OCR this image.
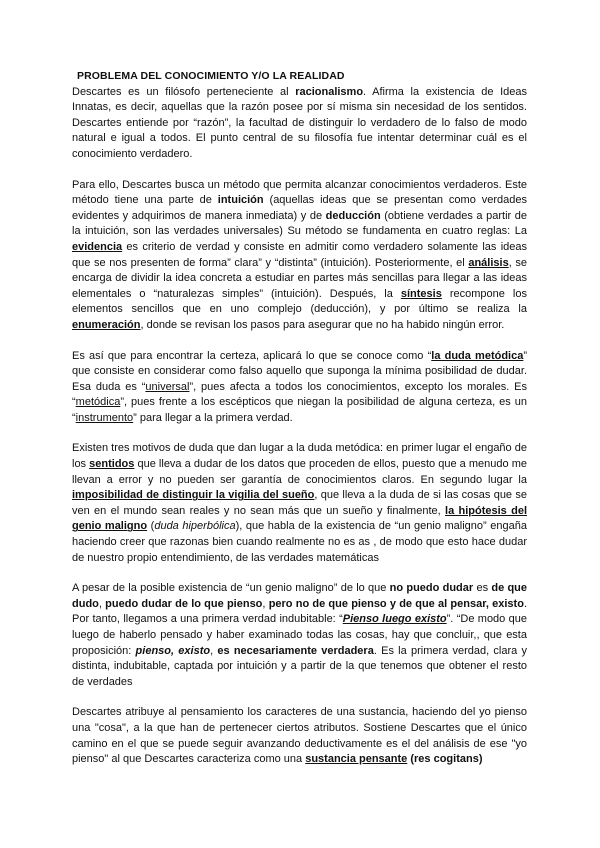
PROBLEMA DEL CONOCIMIENTO Y/O LA REALIDAD

Descartes es un filósofo perteneciente al racionalismo. Afirma la existencia de Ideas Innatas, es decir, aquellas que la razón posee por sí misma sin necesidad de los sentidos. Descartes entiende por “razón”, la facultad de distinguir lo verdadero de lo falso de modo natural e igual a todos. El punto central de su filosofía fue intentar determinar cuál es el conocimiento verdadero.

Para ello, Descartes busca un método que permita alcanzar conocimientos verdaderos. Este método tiene una parte de intuición (aquellas ideas que se presentan como verdades evidentes y adquirimos de manera inmediata) y de deducción (obtiene verdades a partir de la intuición, son las verdades universales) Su método se fundamenta en cuatro reglas: La evidencia es criterio de verdad y consiste en admitir como verdadero solamente las ideas que se nos presenten de forma” clara” y “distinta” (intuición). Posteriormente, el análisis, se encarga de dividir la idea concreta a estudiar en partes más sencillas para llegar a las ideas elementales o “naturalezas simples” (intuición). Después, la síntesis recompone los elementos sencillos que en uno complejo (deducción), y por último se realiza la enumeración, donde se revisan los pasos para asegurar que no ha habido ningún error.

Es así que para encontrar la certeza, aplicará lo que se conoce como “la duda metódica” que consiste en considerar como falso aquello que suponga la mínima posibilidad de dudar. Esa duda es “universal”, pues afecta a todos los conocimientos, excepto los morales. Es “metódica”, pues frente a los escépticos que niegan la posibilidad de alguna certeza, es un “instrumento” para llegar a la primera verdad.

Existen tres motivos de duda que dan lugar a la duda metódica: en primer lugar el engaño de los sentidos que lleva a dudar de los datos que proceden de ellos, puesto que a menudo me llevan a error y no pueden ser garantía de conocimientos claros. En segundo lugar la imposibilidad de distinguir la vigilia del sueño, que lleva a la duda de si las cosas que se ven en el mundo sean reales y no sean más que un sueño y finalmente, la hipótesis del genio maligno (duda hiperbólica), que habla de la existencia de “un genio maligno” engaña haciendo creer que razonas bien cuando realmente no es as , de modo que esto hace dudar de nuestro propio entendimiento, de las verdades matemáticas

A pesar de la posible existencia de “un genio maligno” de lo que no puedo dudar es de que dudo, puedo dudar de lo que pienso, pero no de que pienso y de que al pensar, existo. Por tanto, llegamos a una primera verdad indubitable: “Pienso luego existo”. “De modo que luego de haberlo pensado y haber examinado todas las cosas, hay que concluir,, que esta proposición: pienso, existo, es necesariamente verdadera. Es la primera verdad, clara y distinta, indubitable, captada por intuición y a partir de la que tenemos que obtener el resto de verdades

Descartes atribuye al pensamiento los caracteres de una sustancia, haciendo del yo pienso una "cosa", a la que han de pertenecer ciertos atributos. Sostiene Descartes que el único camino en el que se puede seguir avanzando deductivamente es el del análisis de ese "yo pienso" al que Descartes caracteriza como una sustancia pensante (res cogitans)
